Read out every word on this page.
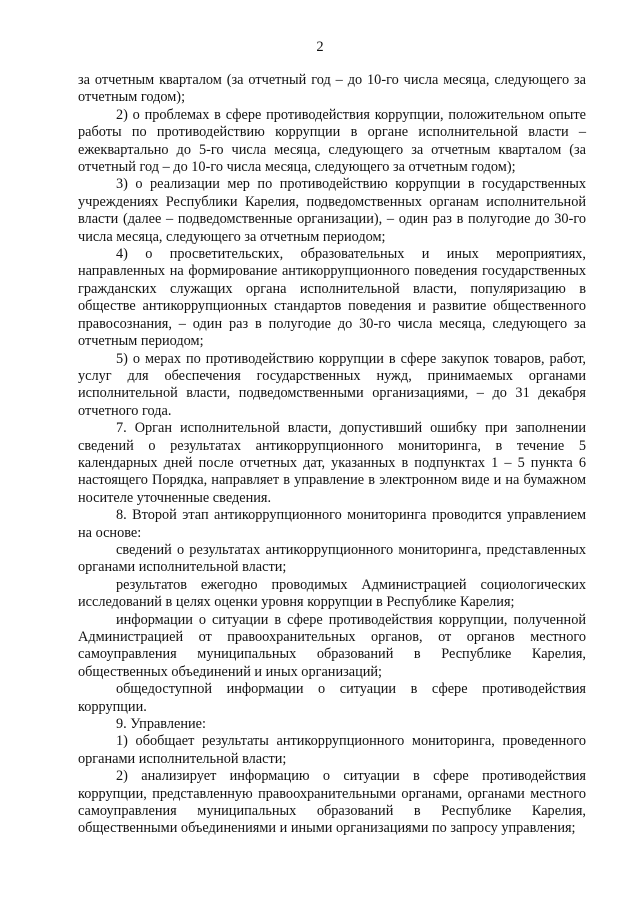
2

за отчетным кварталом (за отчетный год – до 10-го числа месяца, следующего за отчетным годом);

2) о проблемах в сфере противодействия коррупции, положительном опыте работы по противодействию коррупции в органе исполнительной власти – ежеквартально до 5-го числа месяца, следующего за отчетным кварталом (за отчетный год – до 10-го числа месяца, следующего за отчетным годом);

3) о реализации мер по противодействию коррупции в государственных учреждениях Республики Карелия, подведомственных органам исполнительной власти (далее – подведомственные организации), – один раз в полугодие до 30-го числа месяца, следующего за отчетным периодом;

4) о просветительских, образовательных и иных мероприятиях, направленных на формирование антикоррупционного поведения государственных гражданских служащих органа исполнительной власти, популяризацию в обществе антикоррупционных стандартов поведения и развитие общественного правосознания, – один раз в полугодие до 30-го числа месяца, следующего за отчетным периодом;

5) о мерах по противодействию коррупции в сфере закупок товаров, работ, услуг для обеспечения государственных нужд, принимаемых органами исполнительной власти, подведомственными организациями, – до 31 декабря отчетного года.

7. Орган исполнительной власти, допустивший ошибку при заполнении сведений о результатах антикоррупционного мониторинга, в течение 5 календарных дней после отчетных дат, указанных в подпунктах 1 – 5 пункта 6 настоящего Порядка, направляет в управление в электронном виде и на бумажном носителе уточненные сведения.

8. Второй этап антикоррупционного мониторинга проводится управлением на основе:

сведений о результатах антикоррупционного мониторинга, представленных органами исполнительной власти;

результатов ежегодно проводимых Администрацией социологических исследований в целях оценки уровня коррупции в Республике Карелия;

информации о ситуации в сфере противодействия коррупции, полученной Администрацией от правоохранительных органов, от органов местного самоуправления муниципальных образований в Республике Карелия, общественных объединений и иных организаций;

общедоступной информации о ситуации в сфере противодействия коррупции.

9. Управление:

1) обобщает результаты антикоррупционного мониторинга, проведенного органами исполнительной власти;

2) анализирует информацию о ситуации в сфере противодействия коррупции, представленную правоохранительными органами, органами местного самоуправления муниципальных образований в Республике Карелия, общественными объединениями и иными организациями по запросу управления;
